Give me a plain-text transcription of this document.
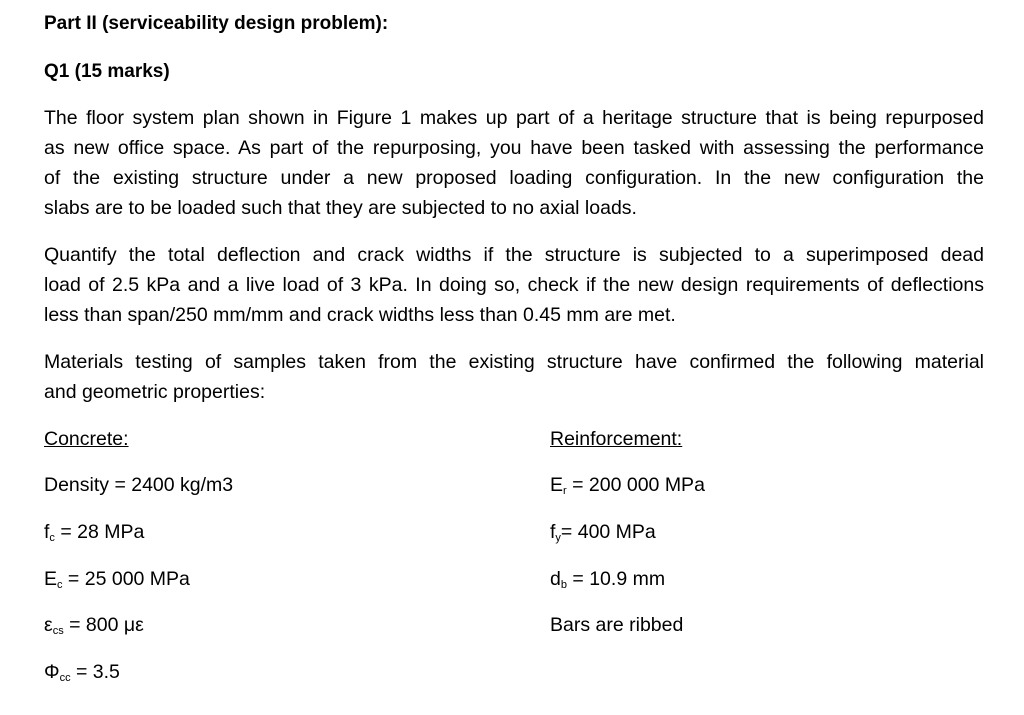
Part II (serviceability design problem):
Q1 (15 marks)
The floor system plan shown in Figure 1 makes up part of a heritage structure that is being repurposed
as new office space. As part of the repurposing, you have been tasked with assessing the performance
of the existing structure under a new proposed loading configuration. In the new configuration the
slabs are to be loaded such that they are subjected to no axial loads.
Quantify the total deflection and crack widths if the structure is subjected to a superimposed dead
load of 2.5 kPa and a live load of 3 kPa. In doing so, check if the new design requirements of deflections
less than span/250 mm/mm and crack widths less than 0.45 mm are met.
Materials testing of samples taken from the existing structure have confirmed the following material
and geometric properties:
Concrete:
Density = 2400 kg/m3
$f_c = 28$ MPa
$E_c = 25$ 000 MPa
$\varepsilon_{cs} = 800$ με
$\Phi_{cc} = 3.5$
Reinforcement:
$E_r = 200$ 000 MPa
$f_y= 400$ MPa
$d_b = 10.9$ mm
Bars are ribbed
